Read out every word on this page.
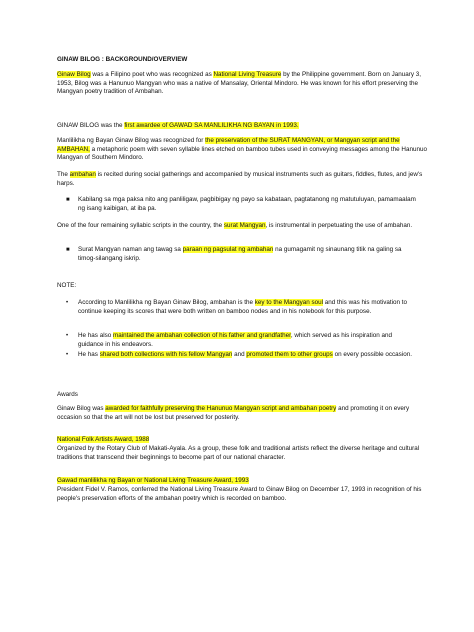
GINAW BILOG : BACKGROUND/OVERVIEW
Ginaw Bilog was a Filipino poet who was recognized as National Living Treasure by the Philippine government. Born on January 3, 1953, Bilog was a Hanunuo Mangyan who was a native of Mansalay, Oriental Mindoro. He was known for his effort preserving the Mangyan poetry tradition of Ambahan.
GINAW BILOG was the first awardee of GAWAD SA MANLILIKHA NG BAYAN in 1993.
Manlilikha ng Bayan Ginaw Bilog was recognized for the preservation of the SURAT MANGYAN, or Mangyan script and the AMBAHAN, a metaphoric poem with seven syllable lines etched on bamboo tubes used in conveying messages among the Hanunuo Mangyan of Southern Mindoro.
The ambahan is recited during social gatherings and accompanied by musical instruments such as guitars, fiddles, flutes, and jew's harps.
■ Kabilang sa mga paksa nito ang panliligaw, pagbibigay ng payo sa kabataan, pagtatanong ng matutuluyan, pamamaalam ng isang kaibigan, at iba pa.
One of the four remaining syllabic scripts in the country, the surat Mangyan, is instrumental in perpetuating the use of ambahan.
■ Surat Mangyan naman ang tawag sa paraan ng pagsulat ng ambahan na gumagamit ng sinaunang titik na galing sa timog-silangang iskrip.
NOTE:
• According to Manlilikha ng Bayan Ginaw Bilog, ambahan is the key to the Mangyan soul and this was his motivation to continue keeping its scores that were both written on bamboo nodes and in his notebook for this purpose.
• He has also maintained the ambahan collection of his father and grandfather, which served as his inspiration and guidance in his endeavors.
• He has shared both collections with his fellow Mangyan and promoted them to other groups on every possible occasion.
Awards
Ginaw Bilog was awarded for faithfully preserving the Hanunuo Mangyan script and ambahan poetry and promoting it on every occasion so that the art will not be lost but preserved for posterity.
National Folk Artists Award, 1988
Organized by the Rotary Club of Makati-Ayala. As a group, these folk and traditional artists reflect the diverse heritage and cultural traditions that transcend their beginnings to become part of our national character.
Gawad manlilikha ng Bayan or National Living Treasure Award, 1993
President Fidel V. Ramos, conferred the National Living Treasure Award to Ginaw Bilog on December 17, 1993 in recognition of his people's preservation efforts of the ambahan poetry which is recorded on bamboo.
